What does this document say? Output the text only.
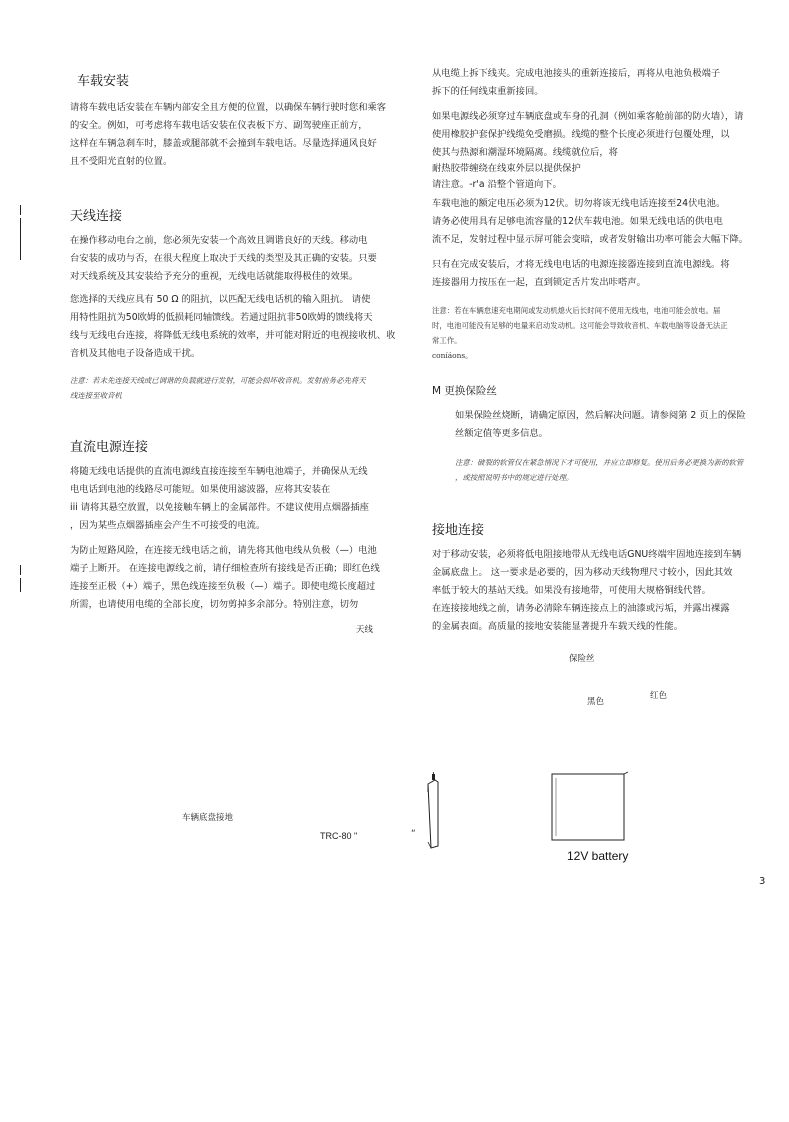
车载安装
请将车载电话安装在车辆内部安全且方便的位置，以确保车辆行驶时您和乘客
的安全。例如，可考虑将车载电话安装在仪表板下方、副驾驶座正前方，
这样在车辆急刹车时，膝盖或腿部就不会撞到车载电话。尽量选择通风良好
且不受阳光直射的位置。
天线连接
在操作移动电台之前，您必须先安装一个高效且调谐良好的天线。移动电
台安装的成功与否，在很大程度上取决于天线的类型及其正确的安装。只要
对天线系统及其安装给予充分的重视，无线电话就能取得极佳的效果。
您选择的天线应具有 50 Ω 的阻抗，以匹配无线电话机的输入阻抗。 请使
用特性阻抗为50欧姆的低损耗同轴馈线。若通过阻抗非50欧姆的馈线将天
线与无线电台连接，将降低无线电系统的效率，并可能对附近的电视接收机、收
音机及其他电子设备造成干扰。
注意：若未先连接天线或已调谐的负载就进行发射，可能会损坏收音机。发射前务必先将天
线连接至收音机
直流电源连接
将随无线电话提供的直流电源线直接连接至车辆电池端子，并确保从无线
电电话到电池的线路尽可能短。如果使用滤波器，应将其安装在
iii 请将其悬空放置，以免接触车辆上的金属部件。不建议使用点烟器插座
，因为某些点烟器插座会产生不可接受的电流。
为防止短路风险，在连接无线电话之前，请先将其他电线从负极（—）电池
端子上断开。 在连接电源线之前，请仔细检查所有接线是否正确；即红色线
连接至正极（+）端子，黑色线连接至负极（—）端子。即使电缆长度超过
所需，也请使用电缆的全部长度，切勿剪掉多余部分。特别注意，切勿
从电缆上拆下线夹。完成电池接头的重新连接后，再将从电池负极端子
拆下的任何线束重新接回。
如果电源线必须穿过车辆底盘或车身的孔洞（例如乘客舱前部的防火墙），请
使用橡胶护套保护线缆免受磨损。线缆的整个长度必须进行包覆处理，以
使其与热源和潮湿环境隔离。线缆就位后，将
耐热胶带缠绕在线束外层以提供保护
请注意。-r'a 沿整个管道向下。
车载电池的额定电压必须为12伏。切勿将该无线电话连接至24伏电池。
请务必使用具有足够电流容量的12伏车载电池。如果无线电话的供电电
流不足，发射过程中显示屏可能会变暗，或者发射输出功率可能会大幅下降。
只有在完成安装后，才将无线电电话的电源连接器连接到直流电源线。将
连接器用力按压在一起，直到锁定舌片发出咔嗒声。
注意：若在车辆怠速充电期间或发动机熄火后长时间不使用无线电，电池可能会放电。届
时，电池可能没有足够的电量来启动发动机。这可能会导致收音机、车载电脑等设备无法正
常工作。
coníáons。
M 更换保险丝
如果保险丝烧断，请确定原因，然后解决问题。请参阅第 2 页上的保险
丝额定值等更多信息。
注意：破裂的软管仅在紧急情况下才可使用，并应立即修复。使用后务必更换为新的软管
，或按照说明书中的规定进行处理。
接地连接
对于移动安装，必须将低电阻接地带从无线电话GNU终端牢固地连接到车辆
金属底盘上。 这一要求是必要的，因为移动天线物理尺寸较小，因此其效
率低于较大的基站天线。如果没有接地带，可使用大规格铜线代替。
在连接接地线之前，请务必清除车辆连接点上的油漆或污垢，并露出裸露
的金属表面。高质量的接地安装能显著提升车载天线的性能。
天线
保险丝
黑色
红色
车辆底盘接地
TRC-80 "	“
12V battery
3
